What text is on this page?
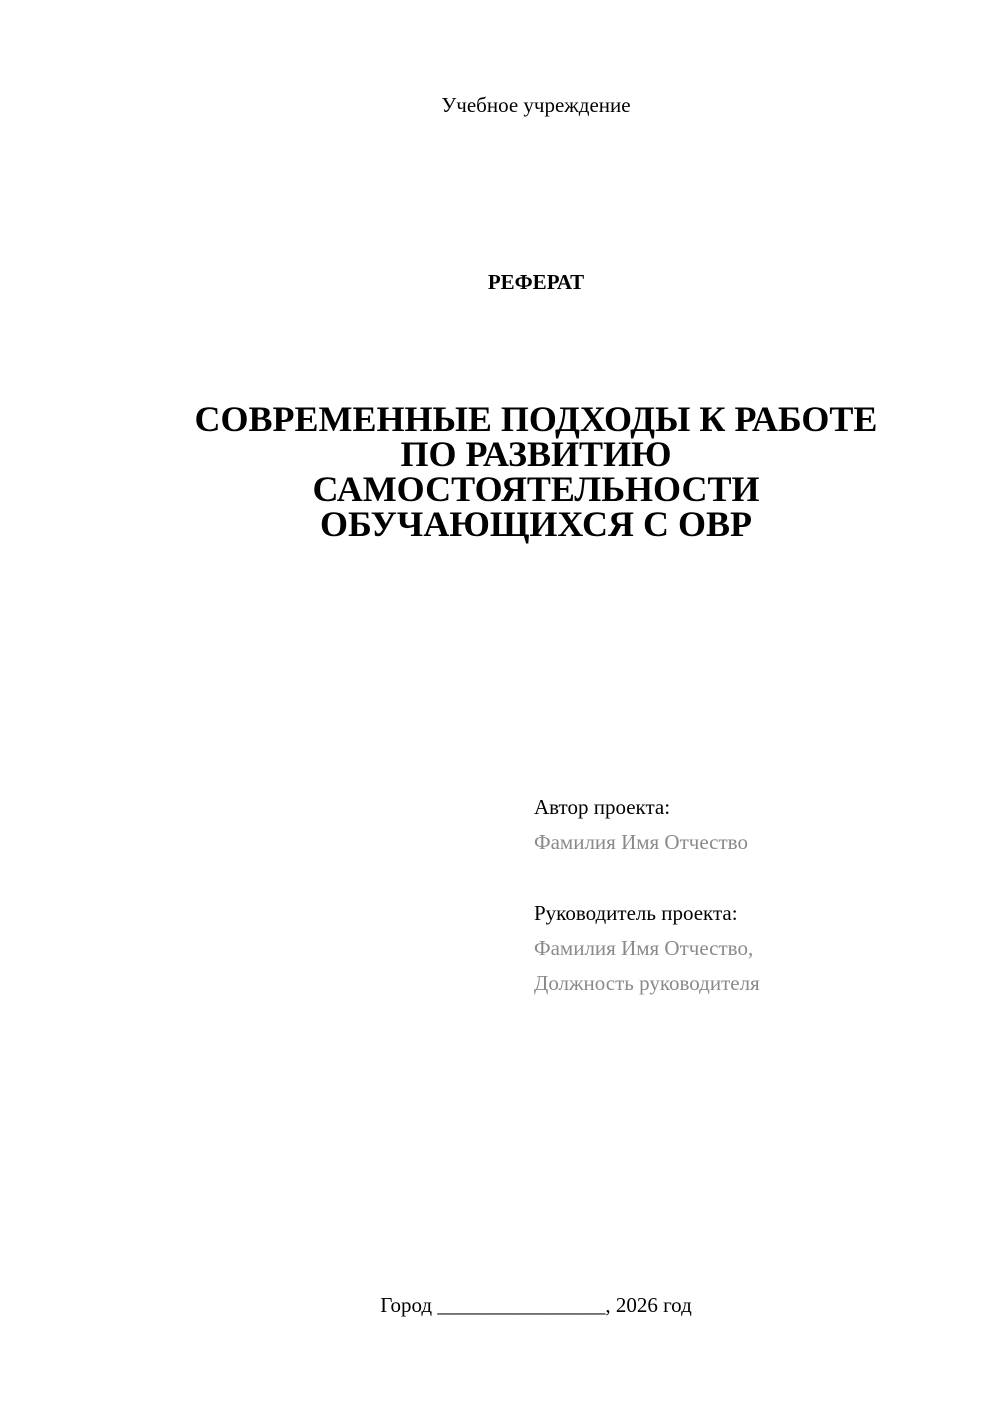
Учебное учреждение
РЕФЕРАТ
СОВРЕМЕННЫЕ ПОДХОДЫ К РАБОТЕ
ПО РАЗВИТИЮ
САМОСТОЯТЕЛЬНОСТИ
ОБУЧАЮЩИХСЯ С ОВР
Автор проекта:
Фамилия Имя Отчество
Руководитель проекта:
Фамилия Имя Отчество,
Должность руководителя
Город ________________, 2026 год
